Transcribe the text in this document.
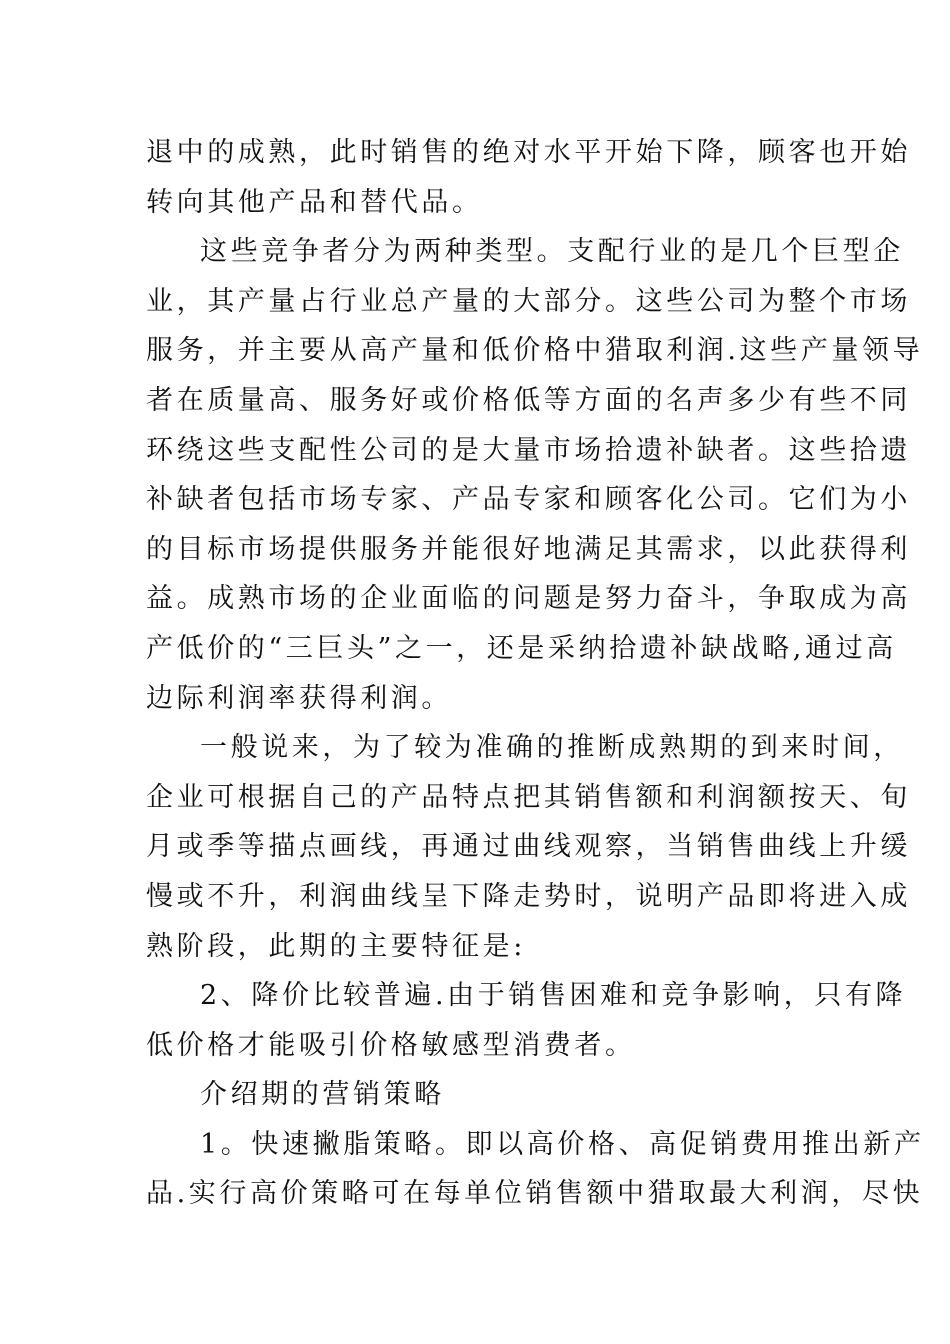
退中的成熟，此时销售的绝对水平开始下降，顾客也开始
转向其他产品和替代品。
这些竞争者分为两种类型。支配行业的是几个巨型企
业，其产量占行业总产量的大部分。这些公司为整个市场
服务，并主要从高产量和低价格中猎取利润.这些产量领导
者在质量高、服务好或价格低等方面的名声多少有些不同
环绕这些支配性公司的是大量市场拾遗补缺者。这些拾遗
补缺者包括市场专家、产品专家和顾客化公司。它们为小
的目标市场提供服务并能很好地满足其需求，以此获得利
益。成熟市场的企业面临的问题是努力奋斗，争取成为高
产低价的“三巨头”之一，还是采纳拾遗补缺战略,通过高
边际利润率获得利润。
一般说来，为了较为准确的推断成熟期的到来时间，
企业可根据自己的产品特点把其销售额和利润额按天、旬
月或季等描点画线，再通过曲线观察，当销售曲线上升缓
慢或不升，利润曲线呈下降走势时，说明产品即将进入成
熟阶段，此期的主要特征是:
2、降价比较普遍.由于销售困难和竞争影响，只有降
低价格才能吸引价格敏感型消费者。
介绍期的营销策略
1。快速撇脂策略。即以高价格、高促销费用推出新产
品.实行高价策略可在每单位销售额中猎取最大利润，尽快
